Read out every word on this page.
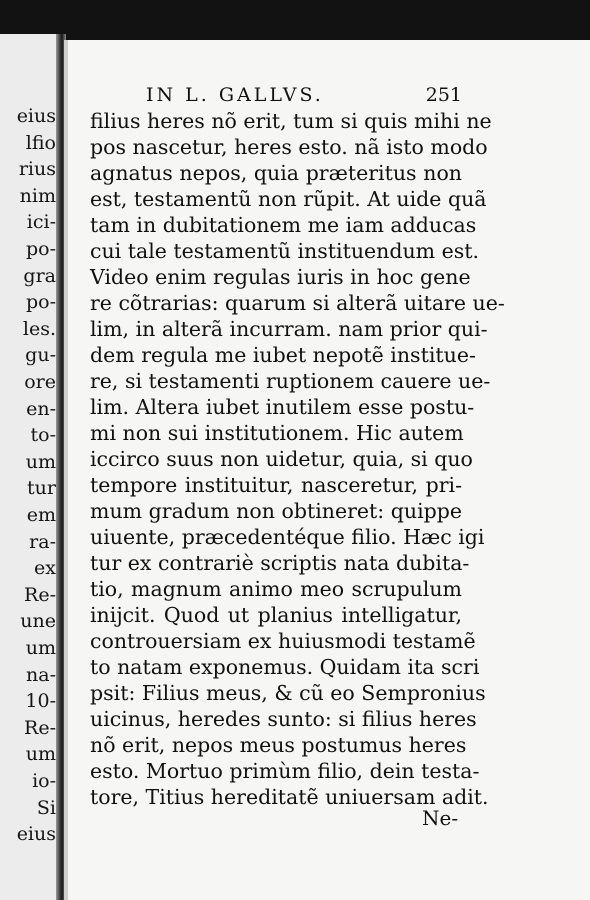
eius
lfio
rius
nim
ici-
po-
gra
po-
les.
gu-
ore
en-
to-
um
tur
em
ra-
ex
Re-
une
um
na-
10-
Re-
um
io-
Si
eius
IN L. GALLVS.	251
filius heres nõ erit, tum si quis mihi ne
pos nascetur, heres esto. nã isto modo
agnatus nepos, quia præteritus non
est, testamentũ non rũpit. At uide quã
tam in dubitationem me iam adducas
cui tale testamentũ instituendum est.
Video enim regulas iuris in hoc gene
re cõtrarias: quarum si alterã uitare ue-
lim, in alterã incurram. nam prior qui-
dem regula me iubet nepotẽ institue-
re, si testamenti ruptionem cauere ue-
lim. Altera iubet inutilem esse postu-
mi non sui institutionem. Hic autem
iccirco suus non uidetur, quia, si quo
tempore instituitur, nasceretur, pri-
mum gradum non obtineret: quippe
uiuente, præcedentéque filio. Hæc igi
tur ex contrariè scriptis nata dubita-
tio, magnum animo meo scrupulum
inijcit. Quod ut planius intelligatur,
controuersiam ex huiusmodi testamẽ
to natam exponemus. Quidam ita scri
psit: Filius meus, & cũ eo Sempronius
uicinus, heredes sunto: si filius heres
nõ erit, nepos meus postumus heres
esto. Mortuo primùm filio, dein testa-
tore, Titius hereditatẽ uniuersam adit.
Ne-
